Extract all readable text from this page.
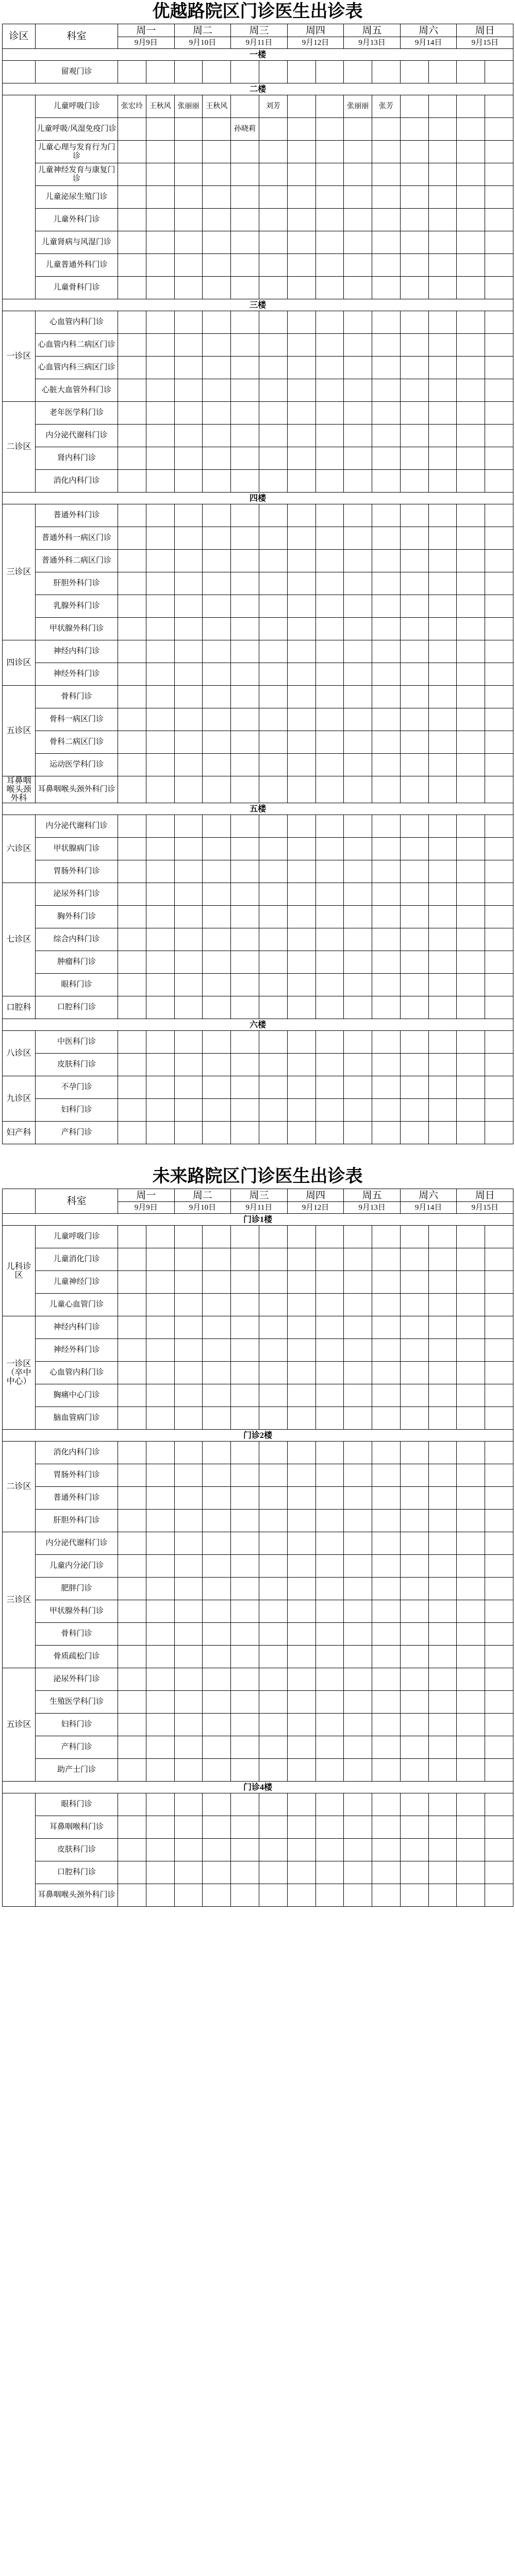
优越路院区门诊医生出诊表
诊区	科室	周一		周二		周三		周四		周五		周六		周日	
		9月9日		9月10日		9月11日		9月12日		9月13日		9月14日		9月15日	
一楼															
	留观门诊														
二楼															
	儿童呼吸门诊	张宏玲	王秋风	张丽丽	王秋风		刘芳			张丽丽	张芳				
	儿童呼吸/风湿免疫门诊					孙晓莉									
	儿童心理与发育行为门诊														
	儿童神经发育与康复门诊														
	儿童泌尿生殖门诊														
	儿童外科门诊														
	儿童肾病与风湿门诊														
	儿童普通外科门诊														
	儿童骨科门诊														
三楼															
一诊区	心血管内科门诊														
	心血管内科二病区门诊														
	心血管内科三病区门诊														
	心脏大血管外科门诊														
二诊区	老年医学科门诊														
	内分泌代谢科门诊														
	肾内科门诊														
	消化内科门诊														
四楼															
三诊区	普通外科门诊														
	普通外科一病区门诊														
	普通外科二病区门诊														
	肝胆外科门诊														
	乳腺外科门诊														
	甲状腺外科门诊														
四诊区	神经内科门诊														
	神经外科门诊														
五诊区	骨科门诊														
	骨科一病区门诊														
	骨科二病区门诊														
	运动医学科门诊														
耳鼻咽喉头颈外科	耳鼻咽喉头颈外科门诊														
五楼															
六诊区	内分泌代谢科门诊														
	甲状腺病门诊														
	胃肠外科门诊														
七诊区	泌尿外科门诊														
	胸外科门诊														
	综合内科门诊														
	肿瘤科门诊														
	眼科门诊														
口腔科	口腔科门诊														
六楼															
八诊区	中医科门诊														
	皮肤科门诊														
九诊区	不孕门诊														
	妇科门诊														
妇产科	产科门诊														
未来路院区门诊医生出诊表
	科室	周一		周二		周三		周四		周五		周六		周日	
		9月9日		9月10日		9月11日		9月12日		9月13日		9月14日		9月15日	
门诊1楼															
儿科诊区	儿童呼吸门诊														
	儿童消化门诊														
	儿童神经门诊														
	儿童心血管门诊														
一诊区（卒中中心）	神经内科门诊														
	神经外科门诊														
	心血管内科门诊														
	胸痛中心门诊														
	脑血管病门诊														
门诊2楼															
二诊区	消化内科门诊														
	胃肠外科门诊														
	普通外科门诊														
	肝胆外科门诊														
三诊区	内分泌代谢科门诊														
	儿童内分泌门诊														
	肥胖门诊														
	甲状腺外科门诊														
	骨科门诊														
	骨质疏松门诊														
五诊区	泌尿外科门诊														
	生殖医学科门诊														
	妇科门诊														
	产科门诊														
	助产士门诊														
门诊4楼															
	眼科门诊														
	耳鼻咽喉科门诊														
	皮肤科门诊														
	口腔科门诊														
	耳鼻咽喉头颈外科门诊														
